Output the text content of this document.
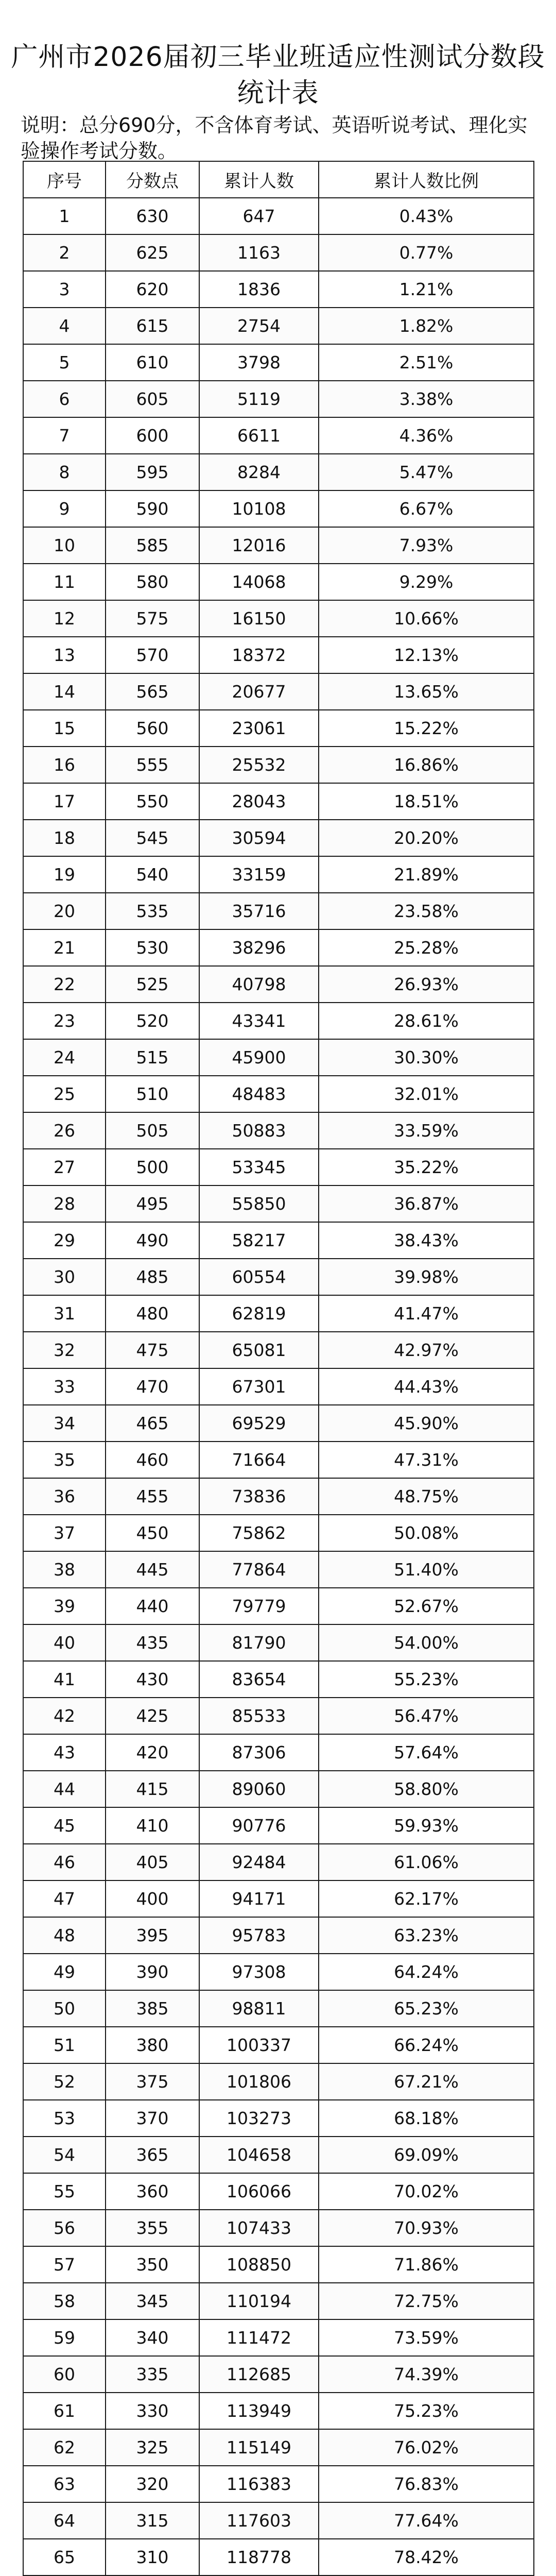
广州市2026届初三毕业班适应性测试分数段统计表
说明：总分690分，不含体育考试、英语听说考试、理化实验操作考试分数。
序号	分数点	累计人数	累计人数比例
1	630	647	0.43%
2	625	1163	0.77%
3	620	1836	1.21%
4	615	2754	1.82%
5	610	3798	2.51%
6	605	5119	3.38%
7	600	6611	4.36%
8	595	8284	5.47%
9	590	10108	6.67%
10	585	12016	7.93%
11	580	14068	9.29%
12	575	16150	10.66%
13	570	18372	12.13%
14	565	20677	13.65%
15	560	23061	15.22%
16	555	25532	16.86%
17	550	28043	18.51%
18	545	30594	20.20%
19	540	33159	21.89%
20	535	35716	23.58%
21	530	38296	25.28%
22	525	40798	26.93%
23	520	43341	28.61%
24	515	45900	30.30%
25	510	48483	32.01%
26	505	50883	33.59%
27	500	53345	35.22%
28	495	55850	36.87%
29	490	58217	38.43%
30	485	60554	39.98%
31	480	62819	41.47%
32	475	65081	42.97%
33	470	67301	44.43%
34	465	69529	45.90%
35	460	71664	47.31%
36	455	73836	48.75%
37	450	75862	50.08%
38	445	77864	51.40%
39	440	79779	52.67%
40	435	81790	54.00%
41	430	83654	55.23%
42	425	85533	56.47%
43	420	87306	57.64%
44	415	89060	58.80%
45	410	90776	59.93%
46	405	92484	61.06%
47	400	94171	62.17%
48	395	95783	63.23%
49	390	97308	64.24%
50	385	98811	65.23%
51	380	100337	66.24%
52	375	101806	67.21%
53	370	103273	68.18%
54	365	104658	69.09%
55	360	106066	70.02%
56	355	107433	70.93%
57	350	108850	71.86%
58	345	110194	72.75%
59	340	111472	73.59%
60	335	112685	74.39%
61	330	113949	75.23%
62	325	115149	76.02%
63	320	116383	76.83%
64	315	117603	77.64%
65	310	118778	78.42%
